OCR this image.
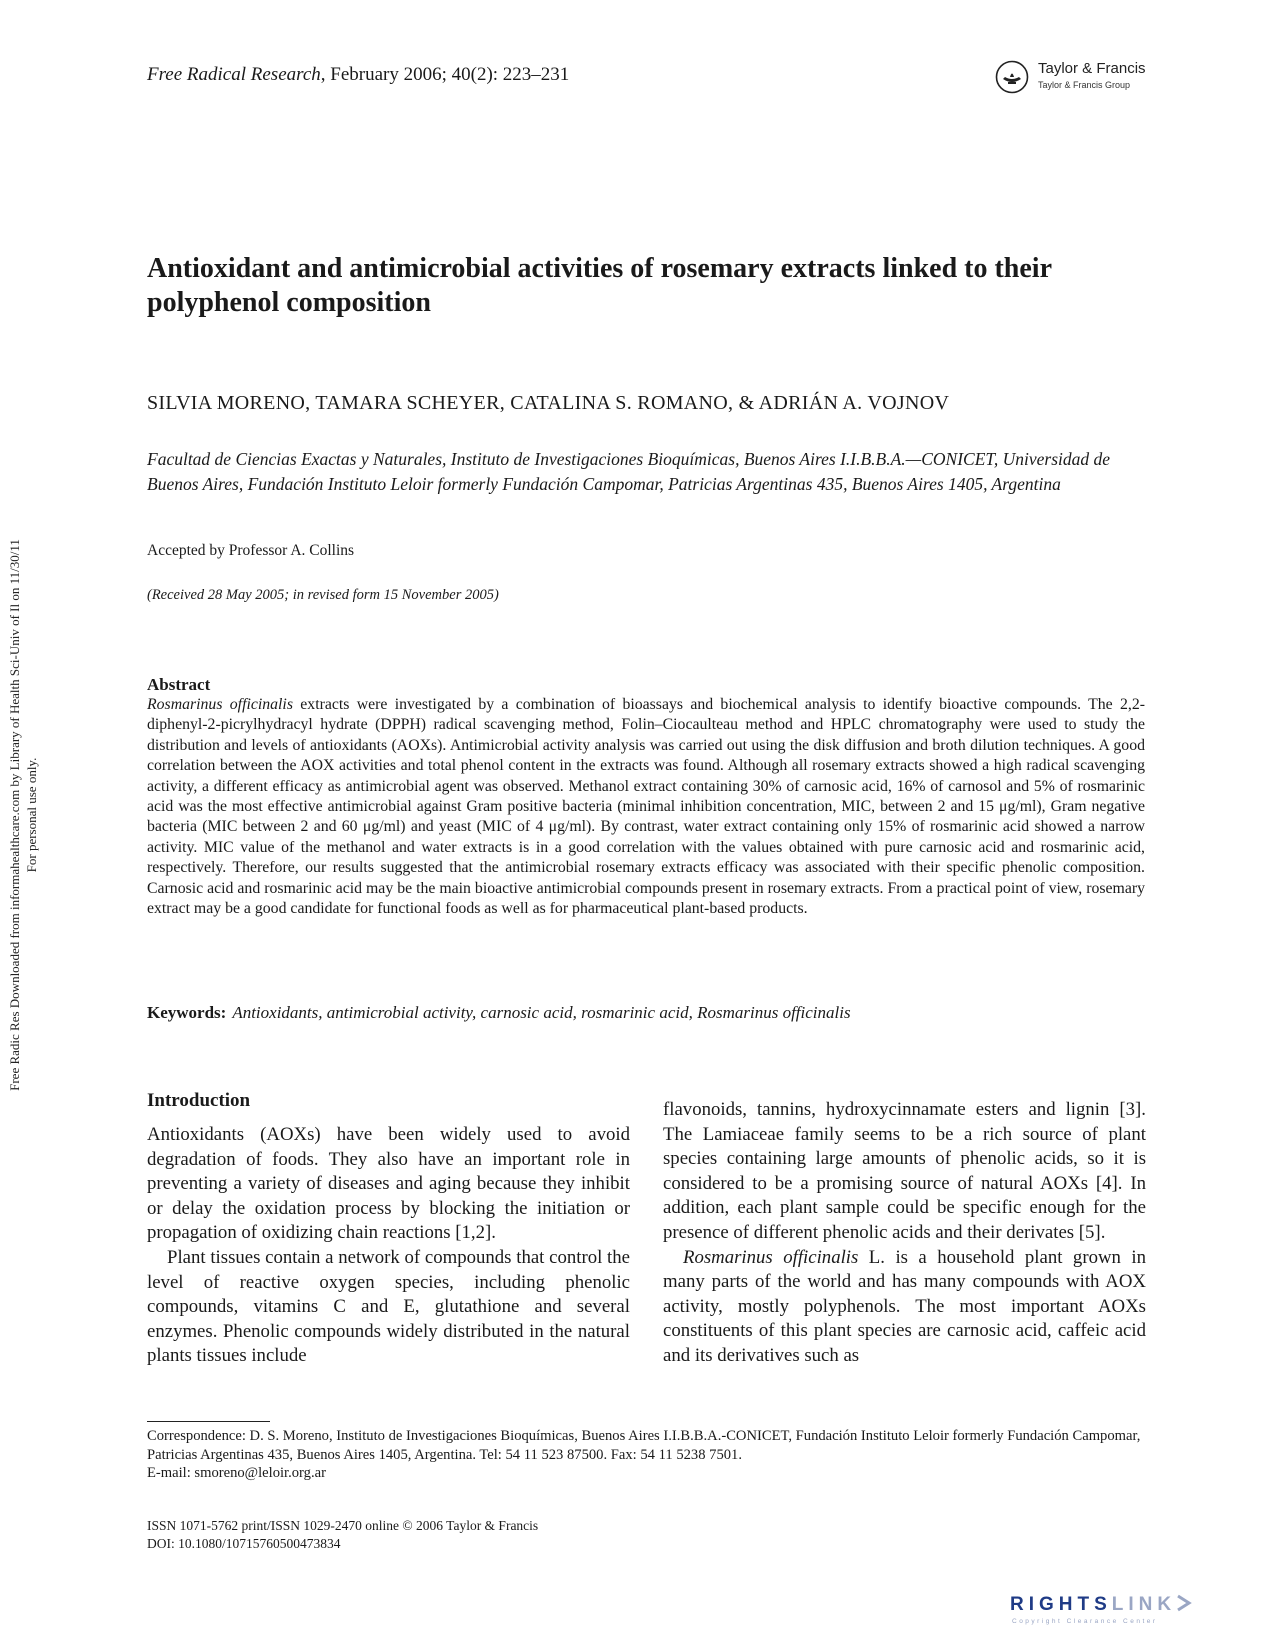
Free Radical Research, February 2006; 40(2): 223–231	Taylor & Francis
Taylor & Francis Group
Free Radic Res Downloaded from informahealthcare.com by Library of Health Sci-Univ of Il on 11/30/11 For personal use only.
Antioxidant and antimicrobial activities of rosemary extracts linked to their polyphenol composition
SILVIA MORENO, TAMARA SCHEYER, CATALINA S. ROMANO, & ADRIÁN A. VOJNOV
Facultad de Ciencias Exactas y Naturales, Instituto de Investigaciones Bioquímicas, Buenos Aires I.I.B.B.A.—CONICET, Universidad de Buenos Aires, Fundación Instituto Leloir formerly Fundación Campomar, Patricias Argentinas 435, Buenos Aires 1405, Argentina
Accepted by Professor A. Collins
(Received 28 May 2005; in revised form 15 November 2005)
Abstract
Rosmarinus officinalis extracts were investigated by a combination of bioassays and biochemical analysis to identify bioactive compounds. The 2,2-diphenyl-2-picrylhydracyl hydrate (DPPH) radical scavenging method, Folin–Ciocaulteau method and HPLC chromatography were used to study the distribution and levels of antioxidants (AOXs). Antimicrobial activity analysis was carried out using the disk diffusion and broth dilution techniques. A good correlation between the AOX activities and total phenol content in the extracts was found. Although all rosemary extracts showed a high radical scavenging activity, a different efficacy as antimicrobial agent was observed. Methanol extract containing 30% of carnosic acid, 16% of carnosol and 5% of rosmarinic acid was the most effective antimicrobial against Gram positive bacteria (minimal inhibition concentration, MIC, between 2 and 15 μg/ml), Gram negative bacteria (MIC between 2 and 60 μg/ml) and yeast (MIC of 4 μg/ml). By contrast, water extract containing only 15% of rosmarinic acid showed a narrow activity. MIC value of the methanol and water extracts is in a good correlation with the values obtained with pure carnosic acid and rosmarinic acid, respectively. Therefore, our results suggested that the antimicrobial rosemary extracts efficacy was associated with their specific phenolic composition. Carnosic acid and rosmarinic acid may be the main bioactive antimicrobial compounds present in rosemary extracts. From a practical point of view, rosemary extract may be a good candidate for functional foods as well as for pharmaceutical plant-based products.
Keywords: Antioxidants, antimicrobial activity, carnosic acid, rosmarinic acid, Rosmarinus officinalis
Introduction

Antioxidants (AOXs) have been widely used to avoid degradation of foods. They also have an important role in preventing a variety of diseases and aging because they inhibit or delay the oxidation process by blocking the initiation or propagation of oxidizing chain reactions [1,2].

Plant tissues contain a network of compounds that control the level of reactive oxygen species, including phenolic compounds, vitamins C and E, glutathione and several enzymes. Phenolic compounds widely distributed in the natural plants tissues include

flavonoids, tannins, hydroxycinnamate esters and lignin [3]. The Lamiaceae family seems to be a rich source of plant species containing large amounts of phenolic acids, so it is considered to be a promising source of natural AOXs [4]. In addition, each plant sample could be specific enough for the presence of different phenolic acids and their derivates [5].

Rosmarinus officinalis L. is a household plant grown in many parts of the world and has many compounds with AOX activity, mostly polyphenols. The most important AOXs constituents of this plant species are carnosic acid, caffeic acid and its derivatives such as

Correspondence: D. S. Moreno, Instituto de Investigaciones Bioquímicas, Buenos Aires I.I.B.B.A.-CONICET, Fundación Instituto Leloir formerly Fundación Campomar, Patricias Argentinas 435, Buenos Aires 1405, Argentina. Tel: 54 11 523 87500. Fax: 54 11 5238 7501.
E-mail: smoreno@leloir.org.ar
ISSN 1071-5762 print/ISSN 1029-2470 online © 2006 Taylor & Francis
DOI: 10.1080/10715760500473834
RIGHTSLINK
Copyright Clearance Center
